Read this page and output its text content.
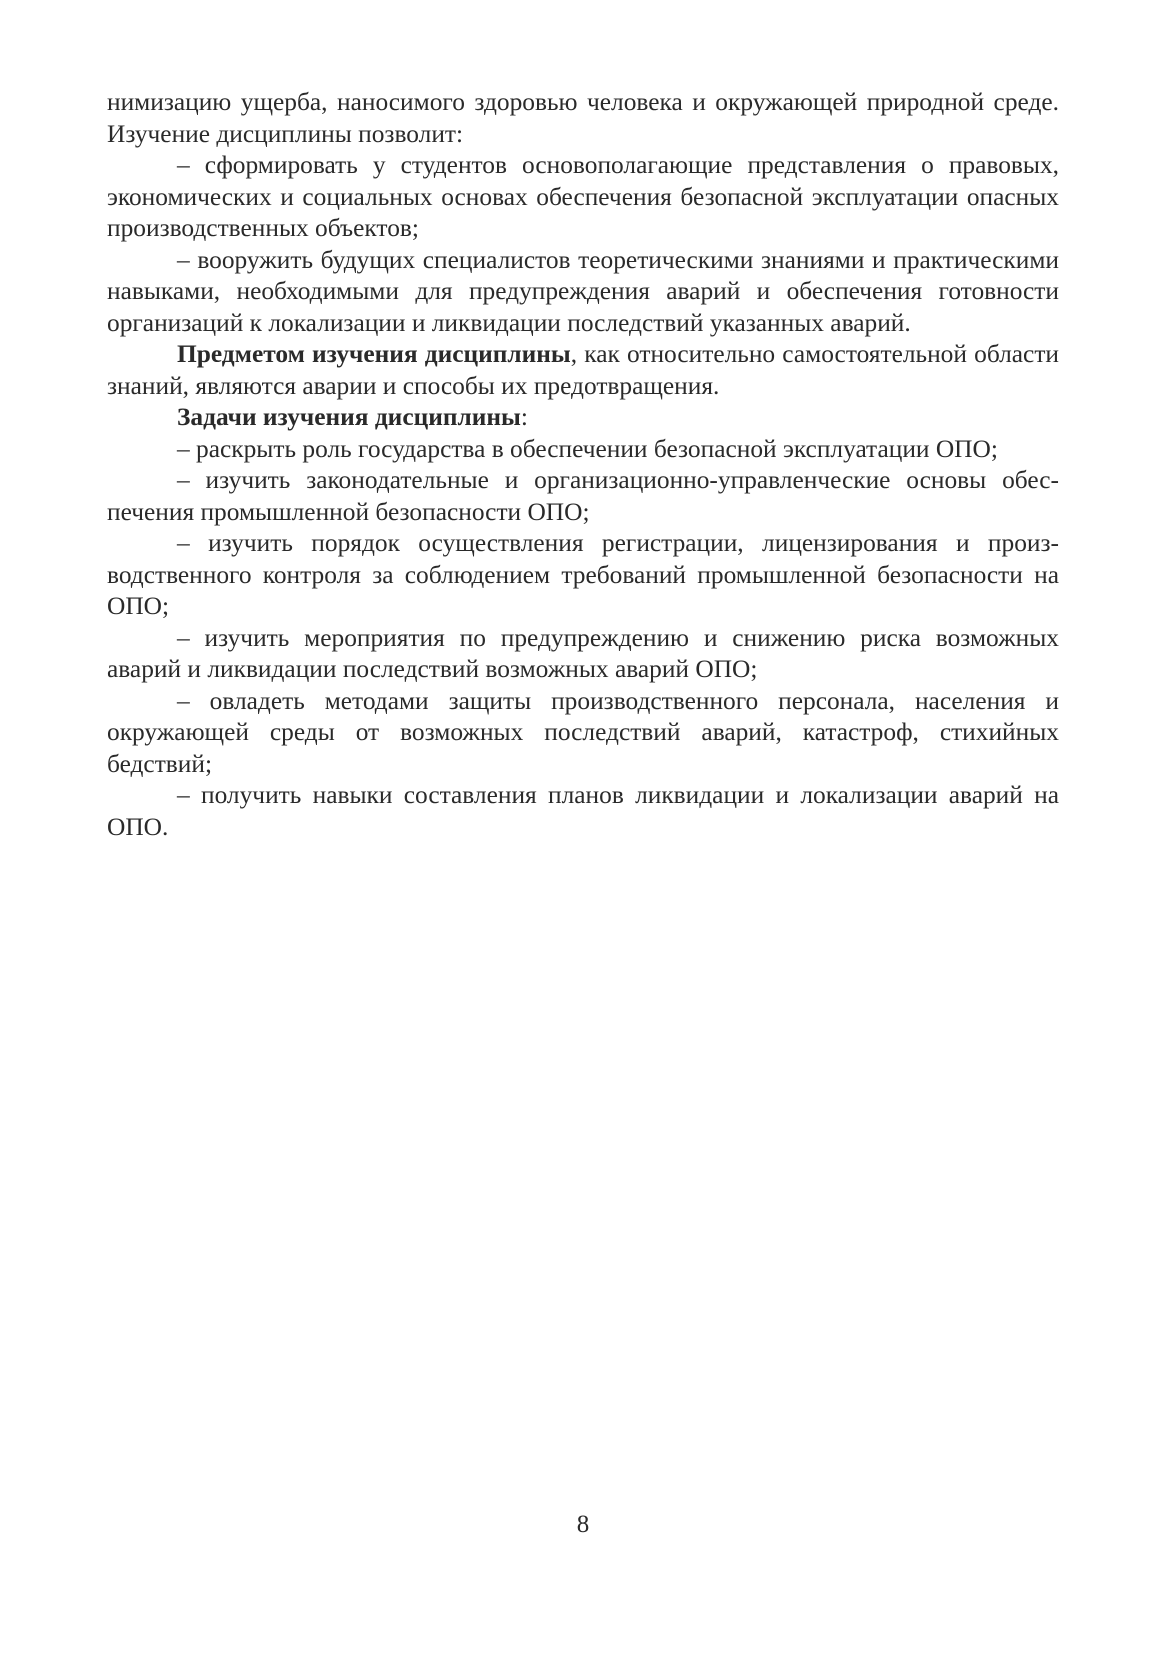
нимизацию ущерба, наносимого здоровью человека и окружающей природной среде. Изучение дисциплины позволит:

– сформировать у студентов основополагающие представления о правовых, экономических и социальных основах обеспечения безопасной эксплуатации опасных производственных объектов;

– вооружить будущих специалистов теоретическими знаниями и практическими навыками, необходимыми для предупреждения аварий и обеспечения готовности организаций к локализации и ликвидации последствий указанных аварий.

Предметом изучения дисциплины, как относительно самостоятельной области знаний, являются аварии и способы их предотвращения.

Задачи изучения дисциплины:

– раскрыть роль государства в обеспечении безопасной эксплуатации ОПО;

– изучить законодательные и организационно-управленческие основы обеспечения промышленной безопасности ОПО;

– изучить порядок осуществления регистрации, лицензирования и производственного контроля за соблюдением требований промышленной безопасности на ОПО;

– изучить мероприятия по предупреждению и снижению риска возможных аварий и ликвидации последствий возможных аварий ОПО;

– овладеть методами защиты производственного персонала, населения и окружающей среды от возможных последствий аварий, катастроф, стихийных бедствий;

– получить навыки составления планов ликвидации и локализации аварий на ОПО.

8
